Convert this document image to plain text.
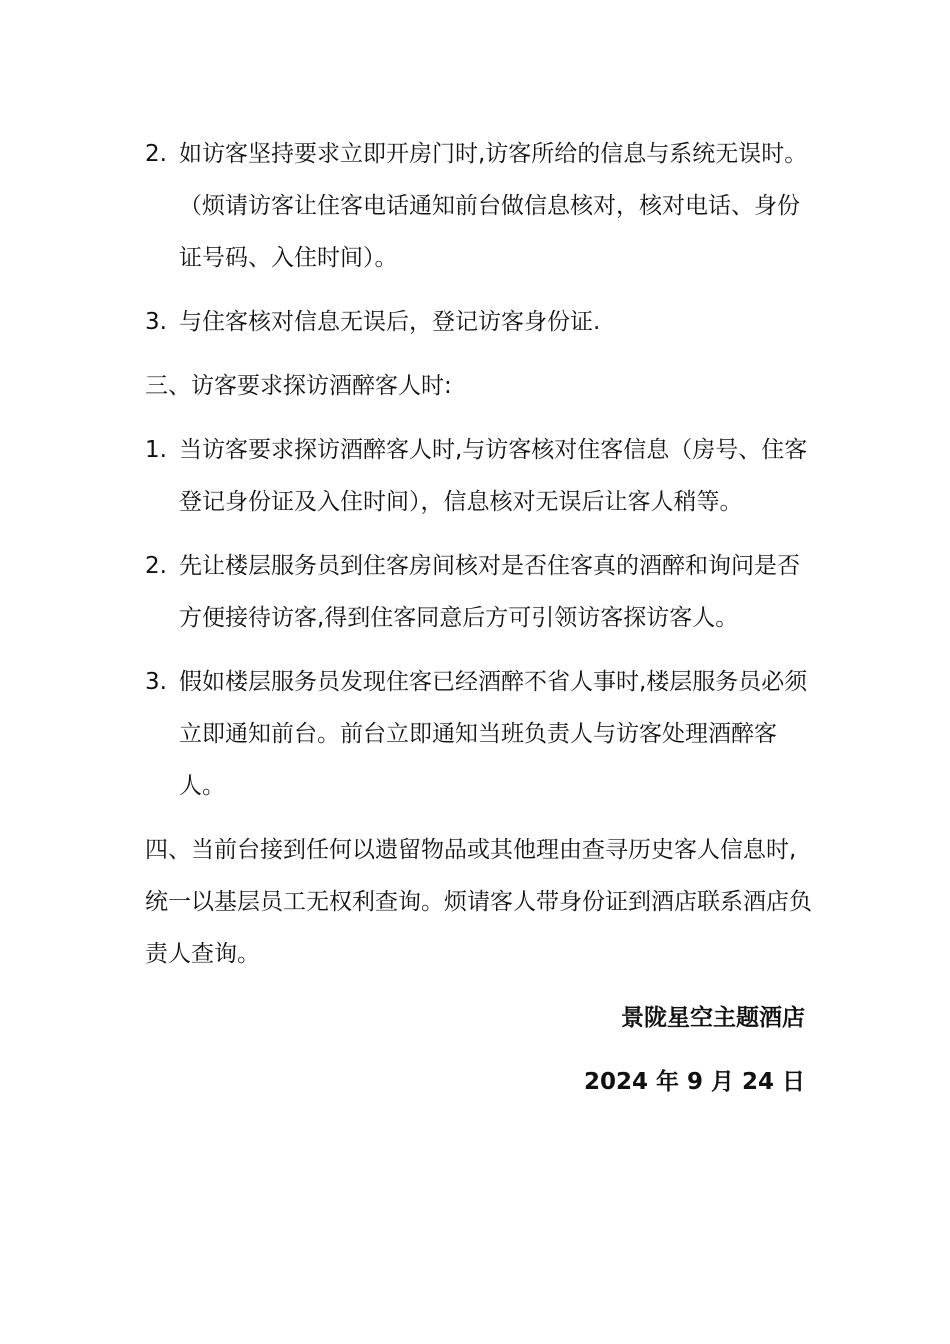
2. 如访客坚持要求立即开房门时,访客所给的信息与系统无误时。（烦请访客让住客电话通知前台做信息核对，核对电话、身份证号码、入住时间）。
3. 与住客核对信息无误后，登记访客身份证.
三、访客要求探访酒醉客人时:
1. 当访客要求探访酒醉客人时,与访客核对住客信息（房号、住客登记身份证及入住时间），信息核对无误后让客人稍等。
2. 先让楼层服务员到住客房间核对是否住客真的酒醉和询问是否方便接待访客,得到住客同意后方可引领访客探访客人。
3. 假如楼层服务员发现住客已经酒醉不省人事时,楼层服务员必须立即通知前台。前台立即通知当班负责人与访客处理酒醉客人。
四、当前台接到任何以遗留物品或其他理由查寻历史客人信息时,统一以基层员工无权利查询。烦请客人带身份证到酒店联系酒店负责人查询。
景陇星空主题酒店
2024 年 9 月 24 日
